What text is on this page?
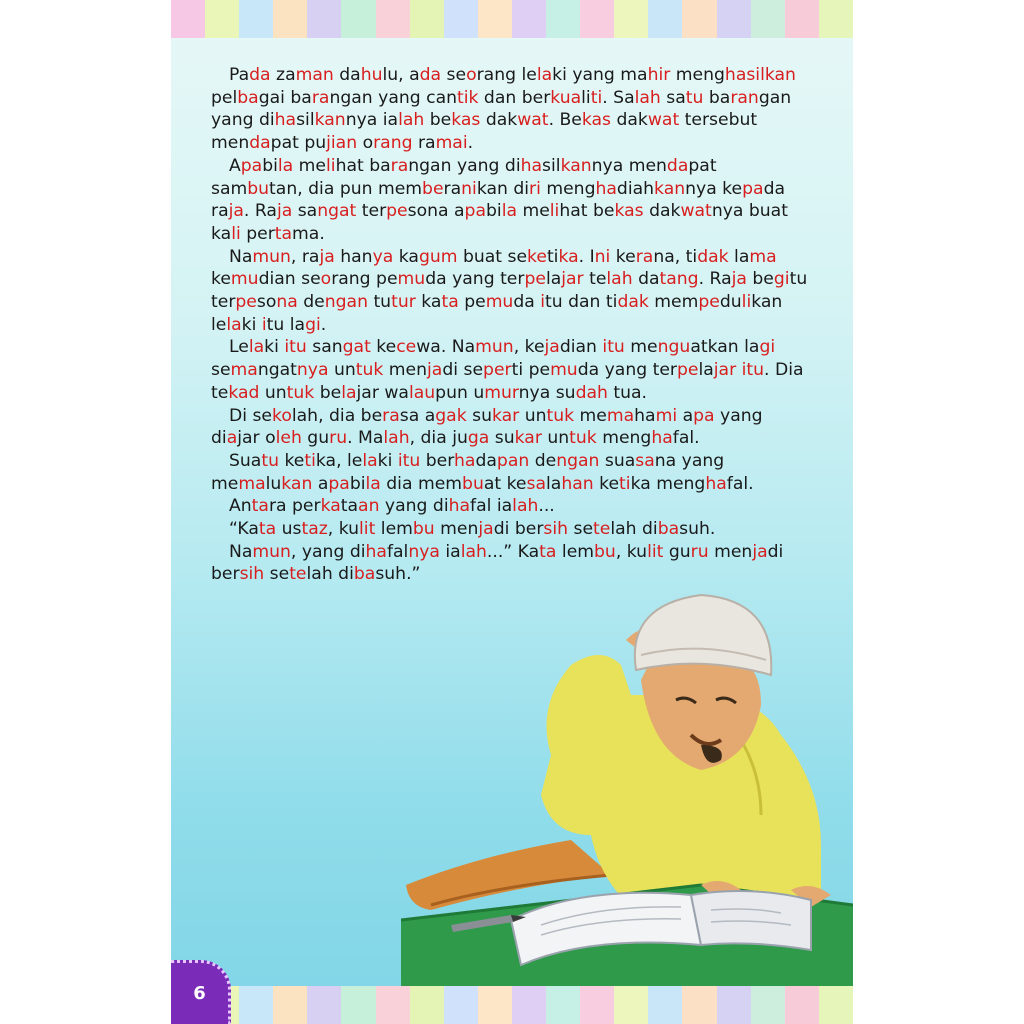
Pada zaman dahulu, ada seorang lelaki yang mahir menghasilkan

pelbagai barangan yang cantik dan berkualiti. Salah satu barangan

yang dihasilkannya ialah bekas dakwat. Bekas dakwat tersebut

mendapat pujian orang ramai.

Apabila melihat barangan yang dihasilkannya mendapat

sambutan, dia pun memberanikan diri menghadiahkannya kepada

raja. Raja sangat terpesona apabila melihat bekas dakwatnya buat

kali pertama.

Namun, raja hanya kagum buat seketika. Ini kerana, tidak lama

kemudian seorang pemuda yang terpelajar telah datang. Raja begitu

terpesona dengan tutur kata pemuda itu dan tidak mempedulikan

lelaki itu lagi.

Lelaki itu sangat kecewa. Namun, kejadian itu menguatkan lagi

semangatnya untuk menjadi seperti pemuda yang terpelajar itu. Dia

tekad untuk belajar walaupun umurnya sudah tua.

Di sekolah, dia berasa agak sukar untuk memahami apa yang

diajar oleh guru. Malah, dia juga sukar untuk menghafal.

Suatu ketika, lelaki itu berhadapan dengan suasana yang

memalukan apabila dia membuat kesalahan ketika menghafal.

Antara perkataan yang dihafal ialah...

“Kata ustaz, kulit lembu menjadi bersih setelah dibasuh.

Namun, yang dihafalnya ialah...” Kata lembu, kulit guru menjadi

bersih setelah dibasuh.”

6
